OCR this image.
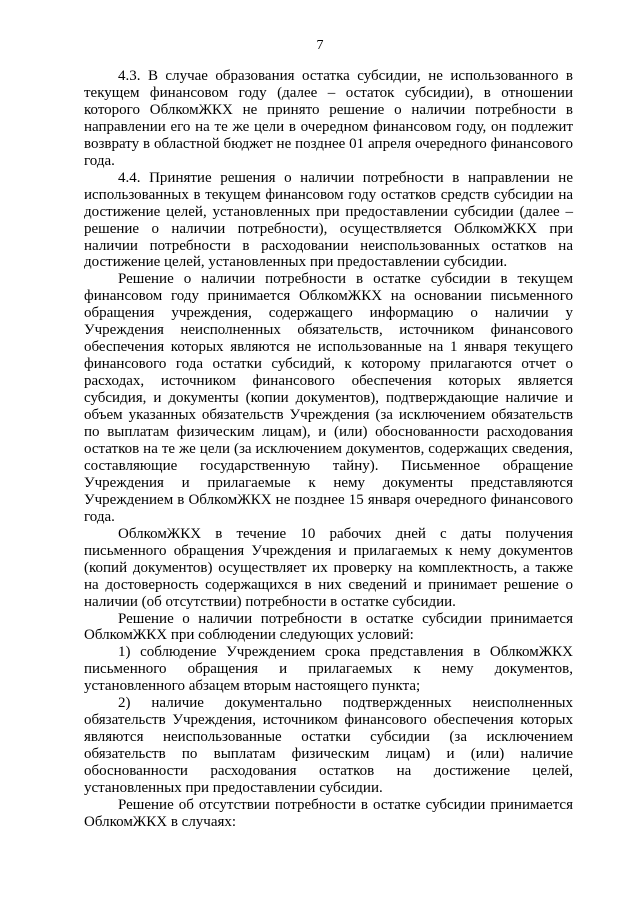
7

4.3. В случае образования остатка субсидии, не использованного в текущем финансовом году (далее – остаток субсидии), в отношении которого ОблкомЖКХ не принято решение о наличии потребности в направлении его на те же цели в очередном финансовом году, он подлежит возврату в областной бюджет не позднее 01 апреля очередного финансового года.

4.4. Принятие решения о наличии потребности в направлении не использованных в текущем финансовом году остатков средств субсидии на достижение целей, установленных при предоставлении субсидии (далее – решение о наличии потребности), осуществляется ОблкомЖКХ при наличии потребности в расходовании неиспользованных остатков на достижение целей, установленных при предоставлении субсидии.

Решение о наличии потребности в остатке субсидии в текущем финансовом году принимается ОблкомЖКХ на основании письменного обращения учреждения, содержащего информацию о наличии у Учреждения неисполненных обязательств, источником финансового обеспечения которых являются не использованные на 1 января текущего финансового года остатки субсидий, к которому прилагаются отчет о расходах, источником финансового обеспечения которых является субсидия, и документы (копии документов), подтверждающие наличие и объем указанных обязательств Учреждения (за исключением обязательств по выплатам физическим лицам), и (или) обоснованности расходования остатков на те же цели (за исключением документов, содержащих сведения, составляющие государственную тайну). Письменное обращение Учреждения и прилагаемые к нему документы представляются Учреждением в ОблкомЖКХ не позднее 15 января очередного финансового года.

ОблкомЖКХ в течение 10 рабочих дней с даты получения письменного обращения Учреждения и прилагаемых к нему документов (копий документов) осуществляет их проверку на комплектность, а также на достоверность содержащихся в них сведений и принимает решение о наличии (об отсутствии) потребности в остатке субсидии.

Решение о наличии потребности в остатке субсидии принимается ОблкомЖКХ при соблюдении следующих условий:

1) соблюдение Учреждением срока представления в ОблкомЖКХ письменного обращения и прилагаемых к нему документов, установленного абзацем вторым настоящего пункта;

2) наличие документально подтвержденных неисполненных обязательств Учреждения, источником финансового обеспечения которых являются неиспользованные остатки субсидии (за исключением обязательств по выплатам физическим лицам) и (или) наличие обоснованности расходования остатков на достижение целей, установленных при предоставлении субсидии.

Решение об отсутствии потребности в остатке субсидии принимается ОблкомЖКХ в случаях:
